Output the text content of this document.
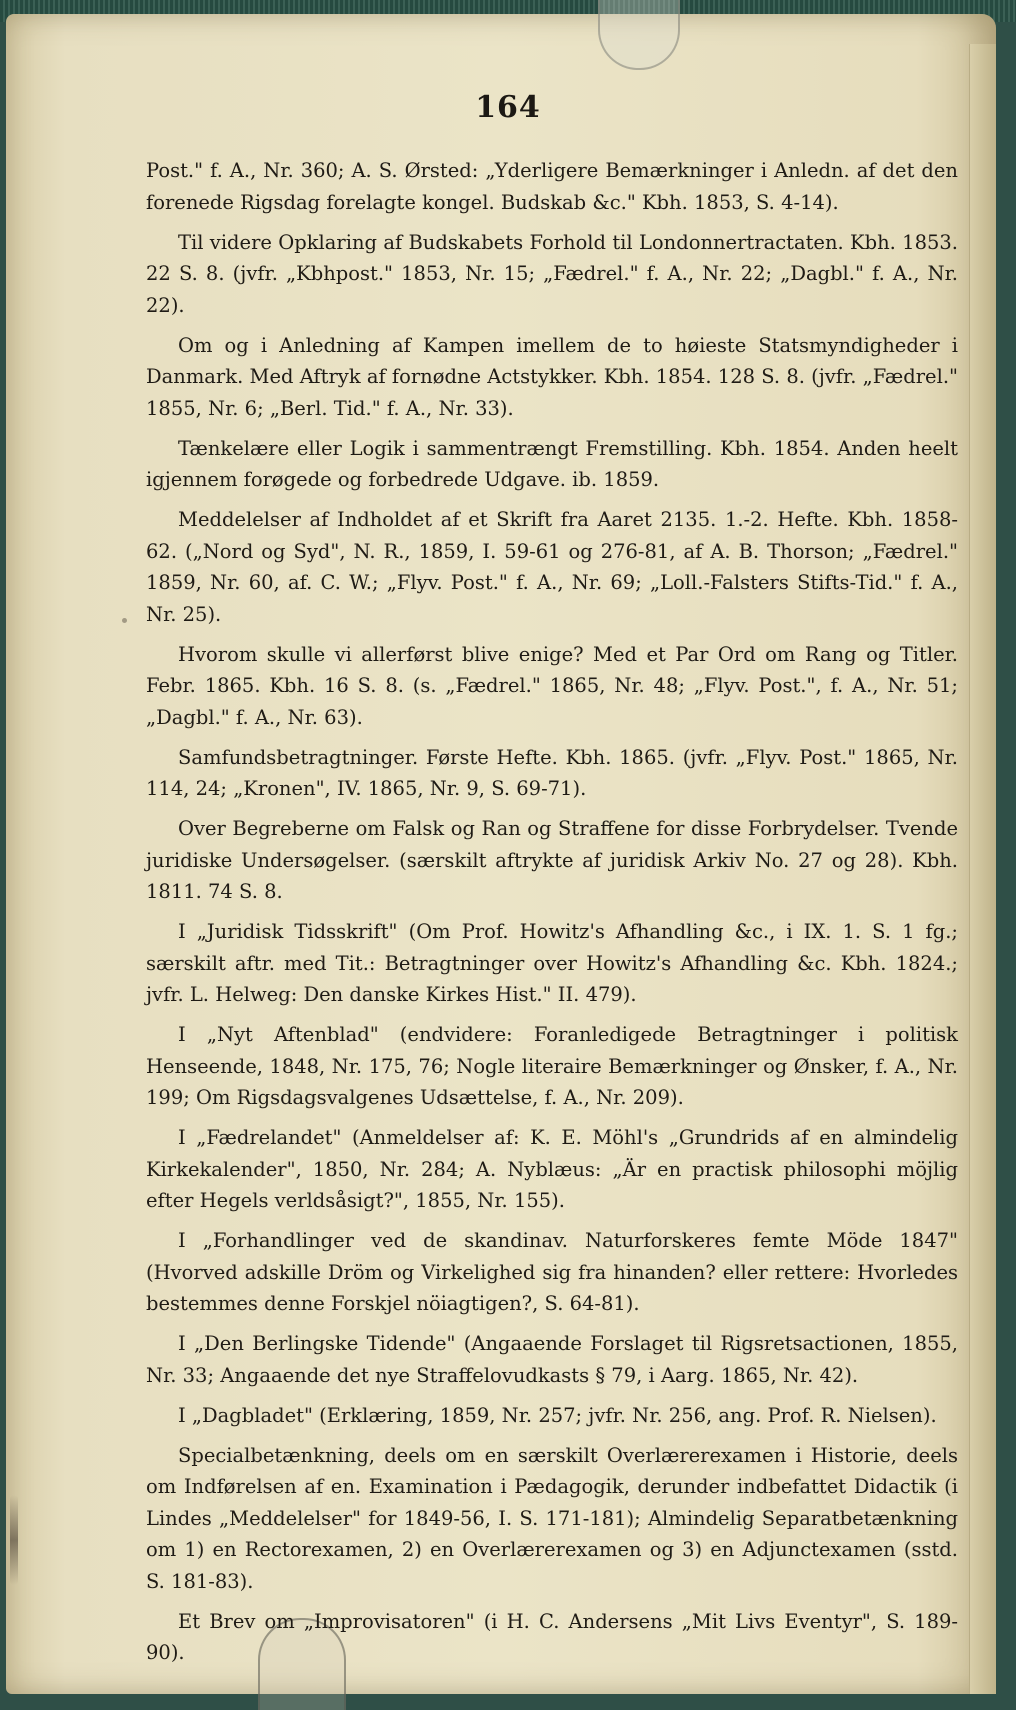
164

Post." f. A., Nr. 360; A. S. Ørsted: „Yderligere Bemærkninger i Anledn. af det den forenede Rigsdag forelagte kongel. Budskab &c." Kbh. 1853, S. 4-14).

Til videre Opklaring af Budskabets Forhold til Londonnertractaten. Kbh. 1853. 22 S. 8. (jvfr. „Kbhpost." 1853, Nr. 15; „Fædrel." f. A., Nr. 22; „Dagbl." f. A., Nr. 22).

Om og i Anledning af Kampen imellem de to høieste Statsmyndigheder i Danmark. Med Aftryk af fornødne Actstykker. Kbh. 1854. 128 S. 8. (jvfr. „Fædrel." 1855, Nr. 6; „Berl. Tid." f. A., Nr. 33).

Tænkelære eller Logik i sammentrængt Fremstilling. Kbh. 1854. Anden heelt igjennem forøgede og forbedrede Udgave. ib. 1859.

Meddelelser af Indholdet af et Skrift fra Aaret 2135. 1.-2. Hefte. Kbh. 1858-62. („Nord og Syd", N. R., 1859, I. 59-61 og 276-81, af A. B. Thorson; „Fædrel." 1859, Nr. 60, af. C. W.; „Flyv. Post." f. A., Nr. 69; „Loll.-Falsters Stifts-Tid." f. A., Nr. 25).

Hvorom skulle vi allerførst blive enige? Med et Par Ord om Rang og Titler. Febr. 1865. Kbh. 16 S. 8. (s. „Fædrel." 1865, Nr. 48; „Flyv. Post.", f. A., Nr. 51; „Dagbl." f. A., Nr. 63).

Samfundsbetragtninger. Første Hefte. Kbh. 1865. (jvfr. „Flyv. Post." 1865, Nr. 114, 24; „Kronen", IV. 1865, Nr. 9, S. 69-71).

Over Begreberne om Falsk og Ran og Straffene for disse Forbrydelser. Tvende juridiske Undersøgelser. (særskilt aftrykte af juridisk Arkiv No. 27 og 28). Kbh. 1811. 74 S. 8.

I „Juridisk Tidsskrift" (Om Prof. Howitz's Afhandling &c., i IX. 1. S. 1 fg.; særskilt aftr. med Tit.: Betragtninger over Howitz's Afhandling &c. Kbh. 1824.; jvfr. L. Helweg: Den danske Kirkes Hist." II. 479).

I „Nyt Aftenblad" (endvidere: Foranledigede Betragtninger i politisk Henseende, 1848, Nr. 175, 76; Nogle literaire Bemærkninger og Ønsker, f. A., Nr. 199; Om Rigsdagsvalgenes Udsættelse, f. A., Nr. 209).

I „Fædrelandet" (Anmeldelser af: K. E. Möhl's „Grundrids af en almindelig Kirkekalender", 1850, Nr. 284; A. Nyblæus: „Är en practisk philosophi möjlig efter Hegels verldsåsigt?", 1855, Nr. 155).

I „Forhandlinger ved de skandinav. Naturforskeres femte Möde 1847" (Hvorved adskille Dröm og Virkelighed sig fra hinanden? eller rettere: Hvorledes bestemmes denne Forskjel nöiagtigen?, S. 64-81).

I „Den Berlingske Tidende" (Angaaende Forslaget til Rigsretsactionen, 1855, Nr. 33; Angaaende det nye Straffelovudkasts § 79, i Aarg. 1865, Nr. 42).

I „Dagbladet" (Erklæring, 1859, Nr. 257; jvfr. Nr. 256, ang. Prof. R. Nielsen).

Specialbetænkning, deels om en særskilt Overlærerexamen i Historie, deels om Indførelsen af en. Examination i Pædagogik, derunder indbefattet Didactik (i Lindes „Meddelelser" for 1849-56, I. S. 171-181); Almindelig Separatbetænkning om 1) en Rectorexamen, 2) en Overlærerexamen og 3) en Adjunctexamen (sstd. S. 181-83).

Et Brev om „Improvisatoren" (i H. C. Andersens „Mit Livs Eventyr", S. 189-90).
